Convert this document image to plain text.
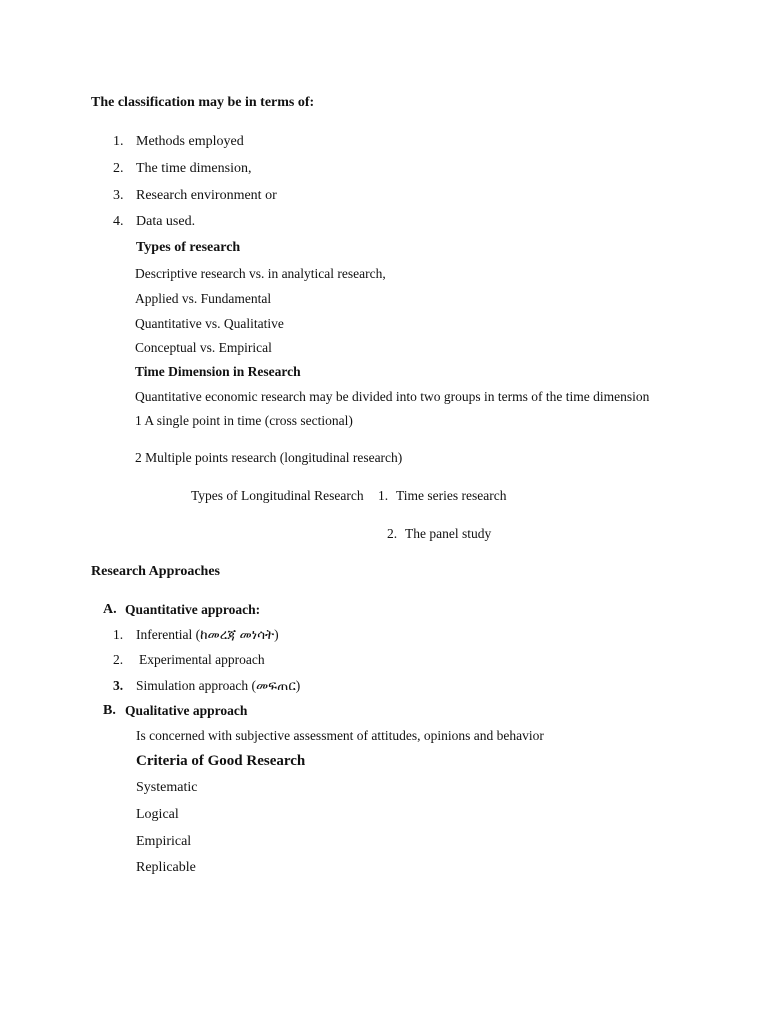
The classification may be in terms of:
1. Methods employed
2. The time dimension,
3. Research environment or
4. Data used.
Types of research
Descriptive research vs. in analytical research,
Applied vs. Fundamental
Quantitative vs. Qualitative
Conceptual vs. Empirical
Time Dimension in Research
Quantitative economic research may be divided into two groups in terms of the time dimension
1 A single point in time (cross sectional)
2 Multiple points research (longitudinal research)
Types of Longitudinal Research 1. Time series research
2. The panel study
Research Approaches
A. Quantitative approach:
1. Inferential (ከመረጃ መነሳት)
2. Experimental approach
3. Simulation approach (መፍጠር)
B. Qualitative approach
Is concerned with subjective assessment of attitudes, opinions and behavior
Criteria of Good Research
Systematic
Logical
Empirical
Replicable
